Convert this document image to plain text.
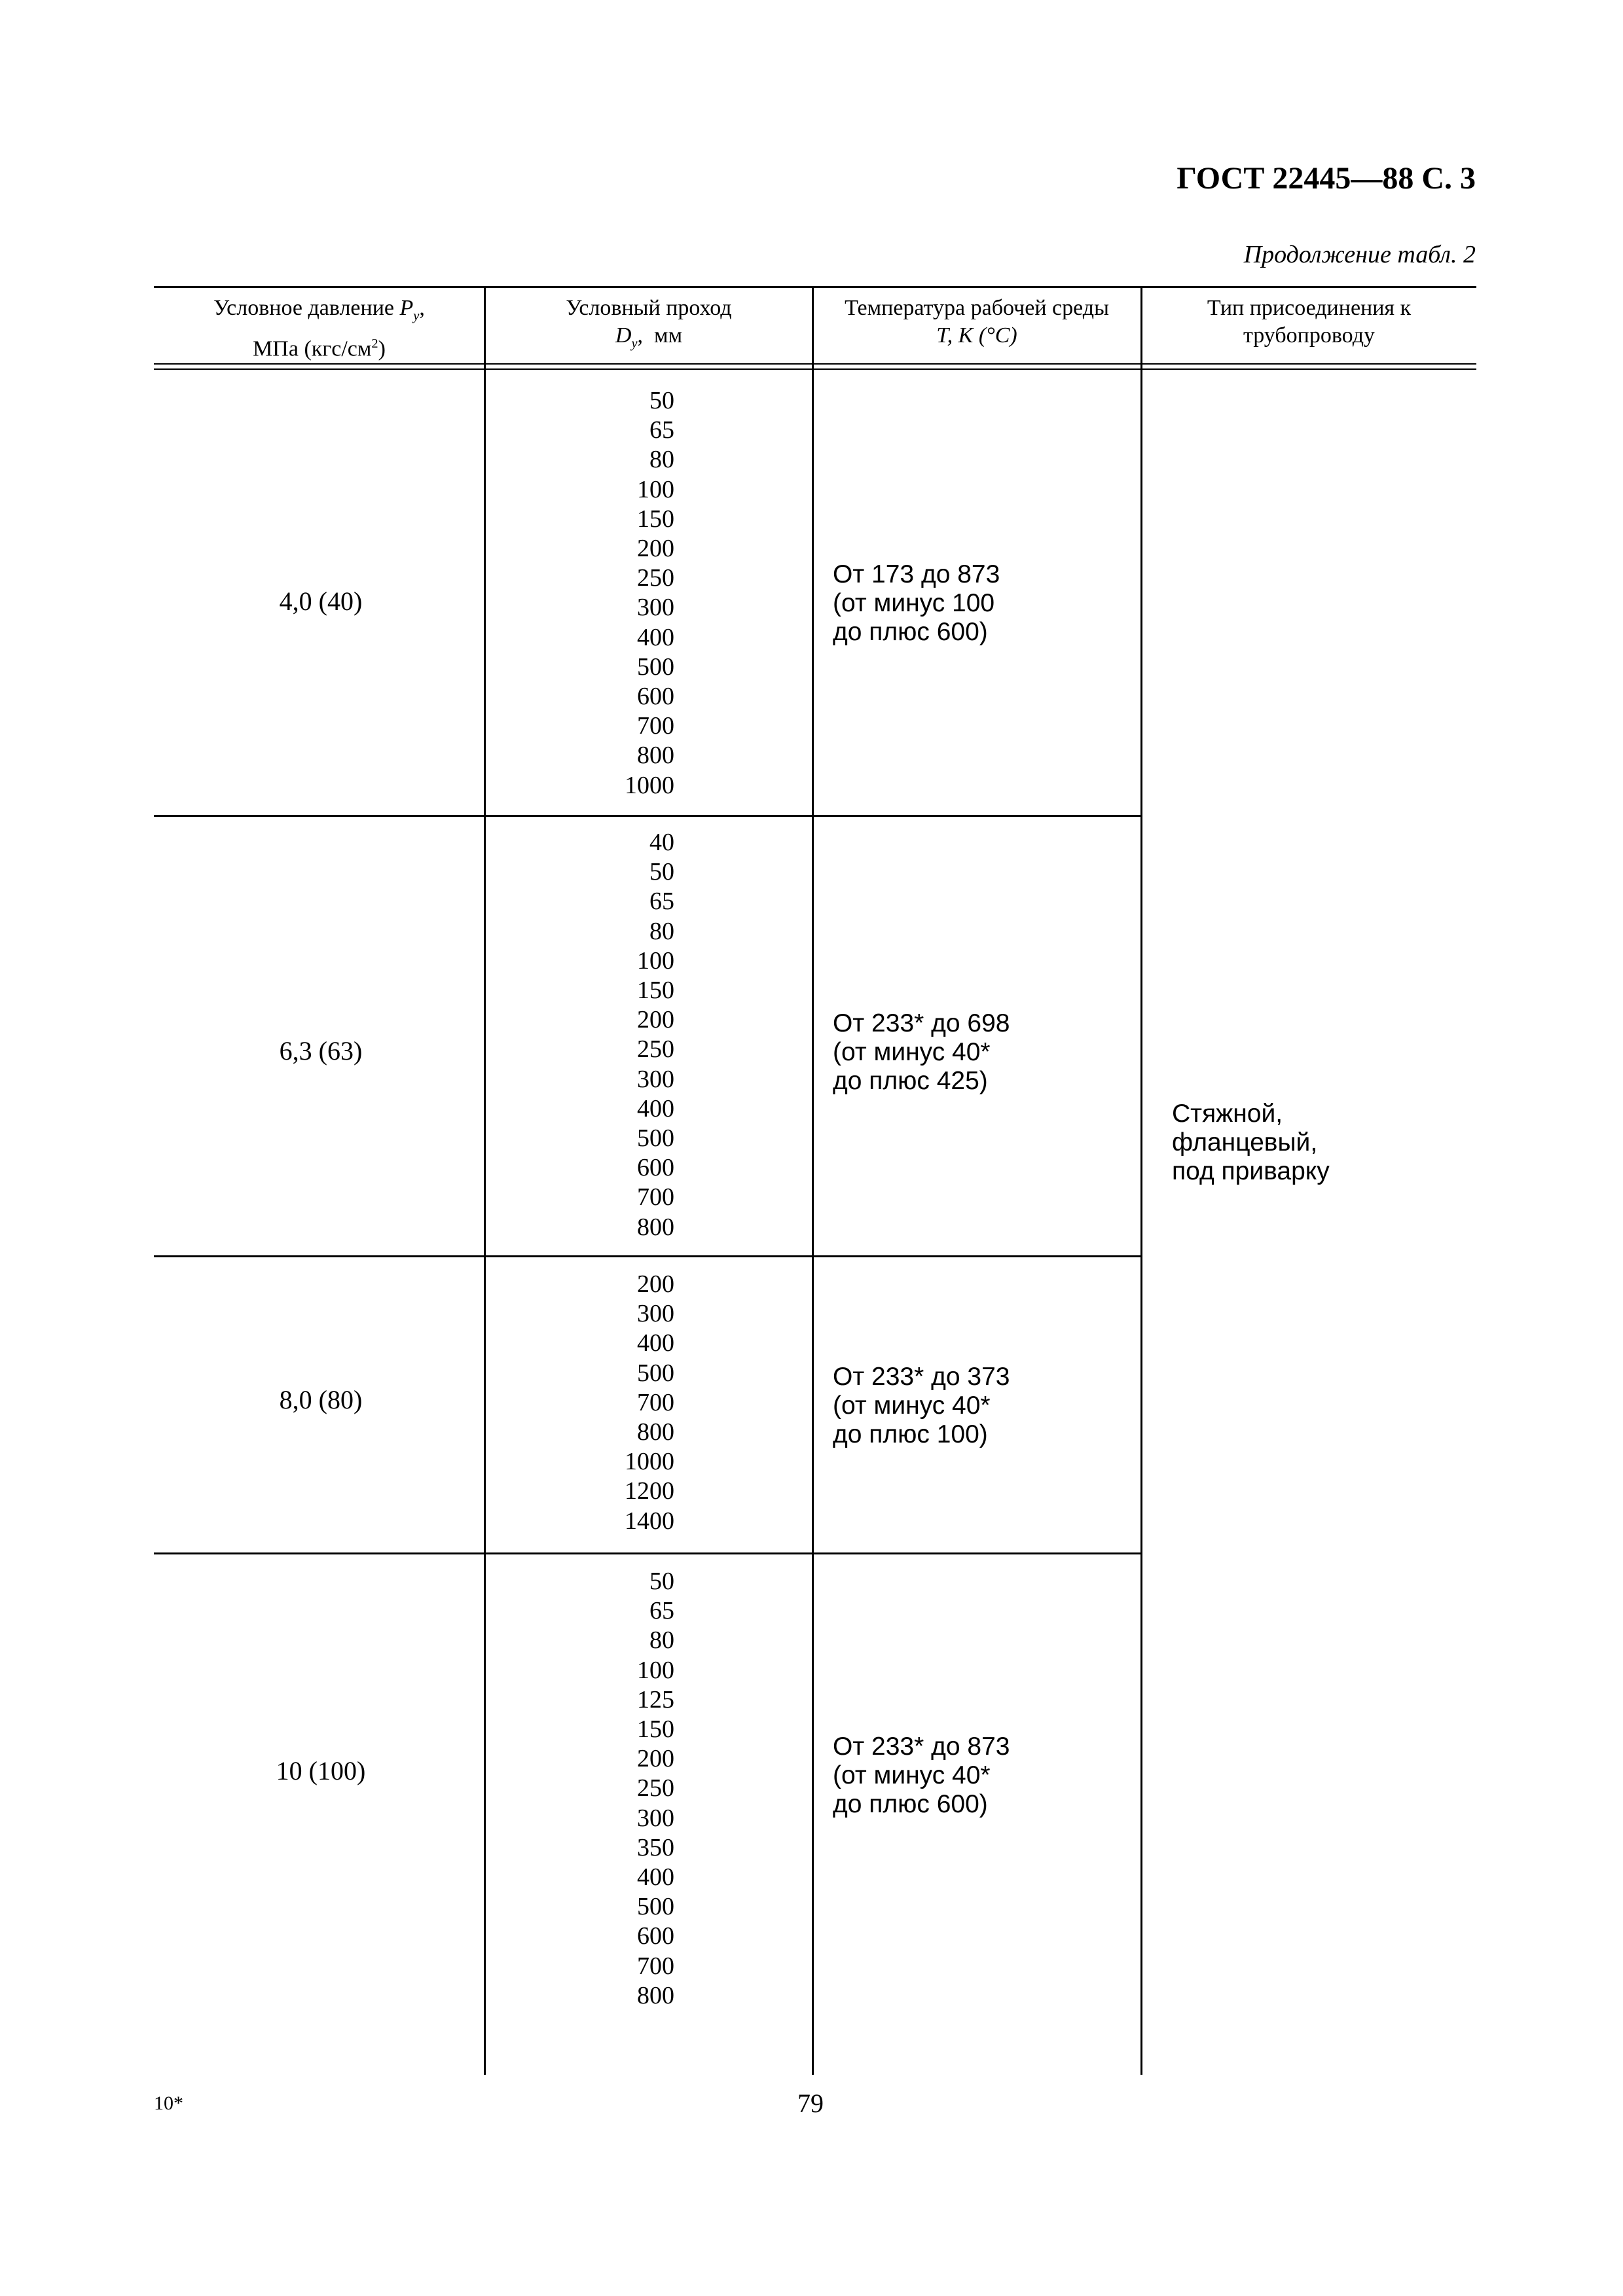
ГОСТ 22445—88 С. 3
Продолжение табл. 2
Условное давление $P_y$,
МПа $(кгс/см^2)$
Условный проход
$D_y$,  мм
Температура рабочей среды
T, K (°C)
Тип присоединения к
трубопроводу
4,0 (40)
50
65
80
100
150
200
250
300
400
500
600
700
800
1000
От 173 до 873
(от минус 100
до плюс 600)
6,3 (63)
40
50
65
80
100
150
200
250
300
400
500
600
700
800
От 233* до 698
(от минус 40*
до плюс 425)
Стяжной,
фланцевый,
под приварку
8,0 (80)
200
300
400
500
700
800
1000
1200
1400
От 233* до 373
(от минус 40*
до плюс 100)
10 (100)
50
65
80
100
125
150
200
250
300
350
400
500
600
700
800
От 233* до 873
(от минус 40*
до плюс 600)
10*	79
